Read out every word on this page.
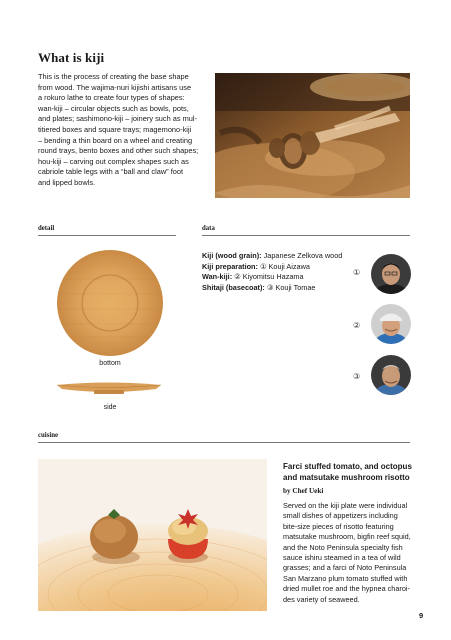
What is kiji
This is the process of creating the base shape
from wood. The wajima-nuri kijishi artisans use
a rokuro lathe to create four types of shapes:
wan-kiji – circular objects such as bowls, pots,
and plates; sashimono-kiji – joinery such as mul-
titiered boxes and square trays; magemono-kiji
– bending a thin board on a wheel and creating
round trays, bento boxes and other such shapes;
hou-kiji – carving out complex shapes such as
cabriole table legs with a “ball and claw” foot
and lipped bowls.
detail	data
bottom
side
Kiji (wood grain): Japanese Zelkova wood
Kiji preparation: ① Kouji Aizawa
Wan-kiji: ② Kiyomitsu Hazama
Shitaji (basecoat): ③ Kouji Tomae
①
②
③
cuisine
Farci stuffed tomato, and octopus and matsutake mushroom risotto
by Chef Ueki
Served on the kiji plate were individual
small dishes of appetizers including
bite-size pieces of risotto featuring
matsutake mushroom, bigfin reef squid,
and the Noto Peninsula specialty fish
sauce ishiru steamed in a tea of wild
grasses; and a farci of Noto Peninsula
San Marzano plum tomato stuffed with
dried mullet roe and the hypnea charoi-
des variety of seaweed.
9
